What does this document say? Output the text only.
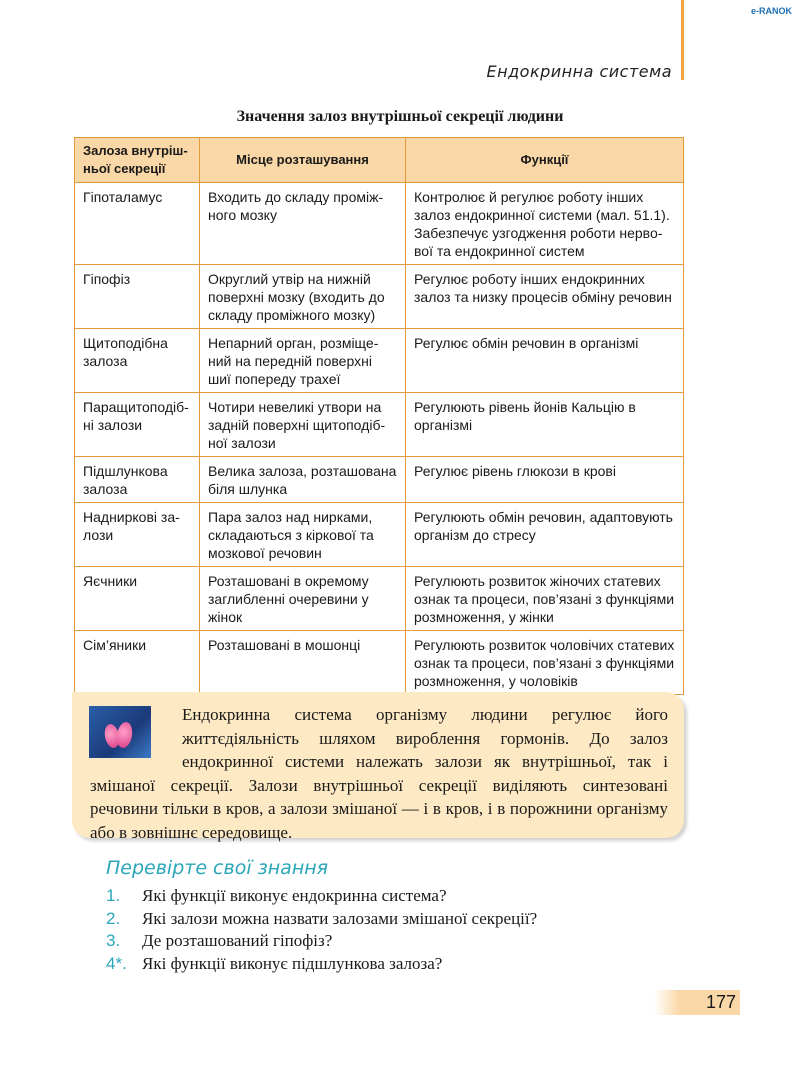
e-RANOK
Ендокринна система
Значення залоз внутрішньої секреції людини
Залоза внутрішньої секреції	Місце розташування	Функції
Гіпоталамус	Входить до складу проміжного мозку	Контролює й регулює роботу інших залоз ендокринної системи (мал. 51.1). Забезпечує узгодження роботи нервової та ендокринної систем
Гіпофіз	Округлий утвір на нижній поверхні мозку (входить до складу проміжного мозку)	Регулює роботу інших ендокринних залоз та низку процесів обміну речовин
Щитоподібна залоза	Непарний орган, розміщений на передній поверхні шиї попереду трахеї	Регулює обмін речовин в організмі
Паращитоподібні залози	Чотири невеликі утвори на задній поверхні щитоподібної залози	Регулюють рівень йонів Кальцію в організмі
Підшлункова залоза	Велика залоза, розташована біля шлунка	Регулює рівень глюкози в крові
Надниркові залози	Пара залоз над нирками, складаються з кіркової та мозкової речовин	Регулюють обмін речовин, адаптовують організм до стресу
Яєчники	Розташовані в окремому заглибленні очеревини у жінок	Регулюють розвиток жіночих статевих ознак та процеси, пов’язані з функціями розмноження, у жінки
Сім’яники	Розташовані в мошонці	Регулюють розвиток чоловічих статевих ознак та процеси, пов’язані з функціями розмноження, у чоловіків
Ендокринна система організму людини регулює його життєдіяльність шляхом вироблення гормонів. До залоз ендокринної системи належать залози як внутрішньої, так і змішаної секреції. Залози внутрішньої секреції виділяють синтезовані речовини тільки в кров, а залози змішаної — і в кров, і в порожнини організму або в зовнішнє середовище.
Перевірте свої знання
1. Які функції виконує ендокринна система?
2. Які залози можна назвати залозами змішаної секреції?
3. Де розташований гіпофіз?
4*. Які функції виконує підшлункова залоза?
177
